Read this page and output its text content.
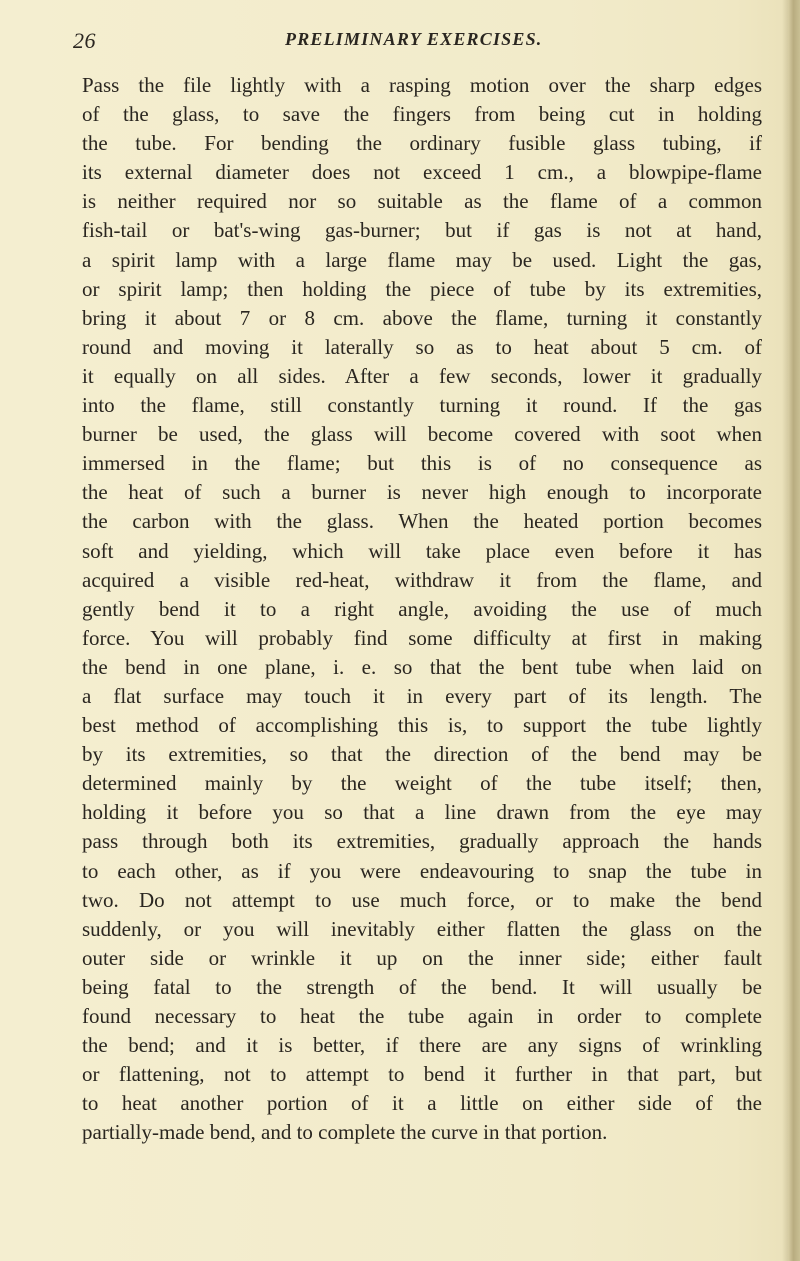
26	PRELIMINARY EXERCISES.
Pass the file lightly with a rasping motion over the sharp edges
of the glass, to save the fingers from being cut in holding
the tube. For bending the ordinary fusible glass tubing, if
its external diameter does not exceed 1 cm., a blowpipe-flame
is neither required nor so suitable as the flame of a common
fish-tail or bat's-wing gas-burner; but if gas is not at hand,
a spirit lamp with a large flame may be used. Light the gas,
or spirit lamp; then holding the piece of tube by its extremities,
bring it about 7 or 8 cm. above the flame, turning it constantly
round and moving it laterally so as to heat about 5 cm. of
it equally on all sides. After a few seconds, lower it gradually
into the flame, still constantly turning it round. If the gas
burner be used, the glass will become covered with soot when
immersed in the flame; but this is of no consequence as
the heat of such a burner is never high enough to incorporate
the carbon with the glass. When the heated portion becomes
soft and yielding, which will take place even before it has
acquired a visible red-heat, withdraw it from the flame, and
gently bend it to a right angle, avoiding the use of much
force. You will probably find some difficulty at first in making
the bend in one plane, i. e. so that the bent tube when laid on
a flat surface may touch it in every part of its length. The
best method of accomplishing this is, to support the tube lightly
by its extremities, so that the direction of the bend may be
determined mainly by the weight of the tube itself; then,
holding it before you so that a line drawn from the eye may
pass through both its extremities, gradually approach the hands
to each other, as if you were endeavouring to snap the tube in
two. Do not attempt to use much force, or to make the bend
suddenly, or you will inevitably either flatten the glass on the
outer side or wrinkle it up on the inner side; either fault
being fatal to the strength of the bend. It will usually be
found necessary to heat the tube again in order to complete
the bend; and it is better, if there are any signs of wrinkling
or flattening, not to attempt to bend it further in that part, but
to heat another portion of it a little on either side of the
partially-made bend, and to complete the curve in that portion.
